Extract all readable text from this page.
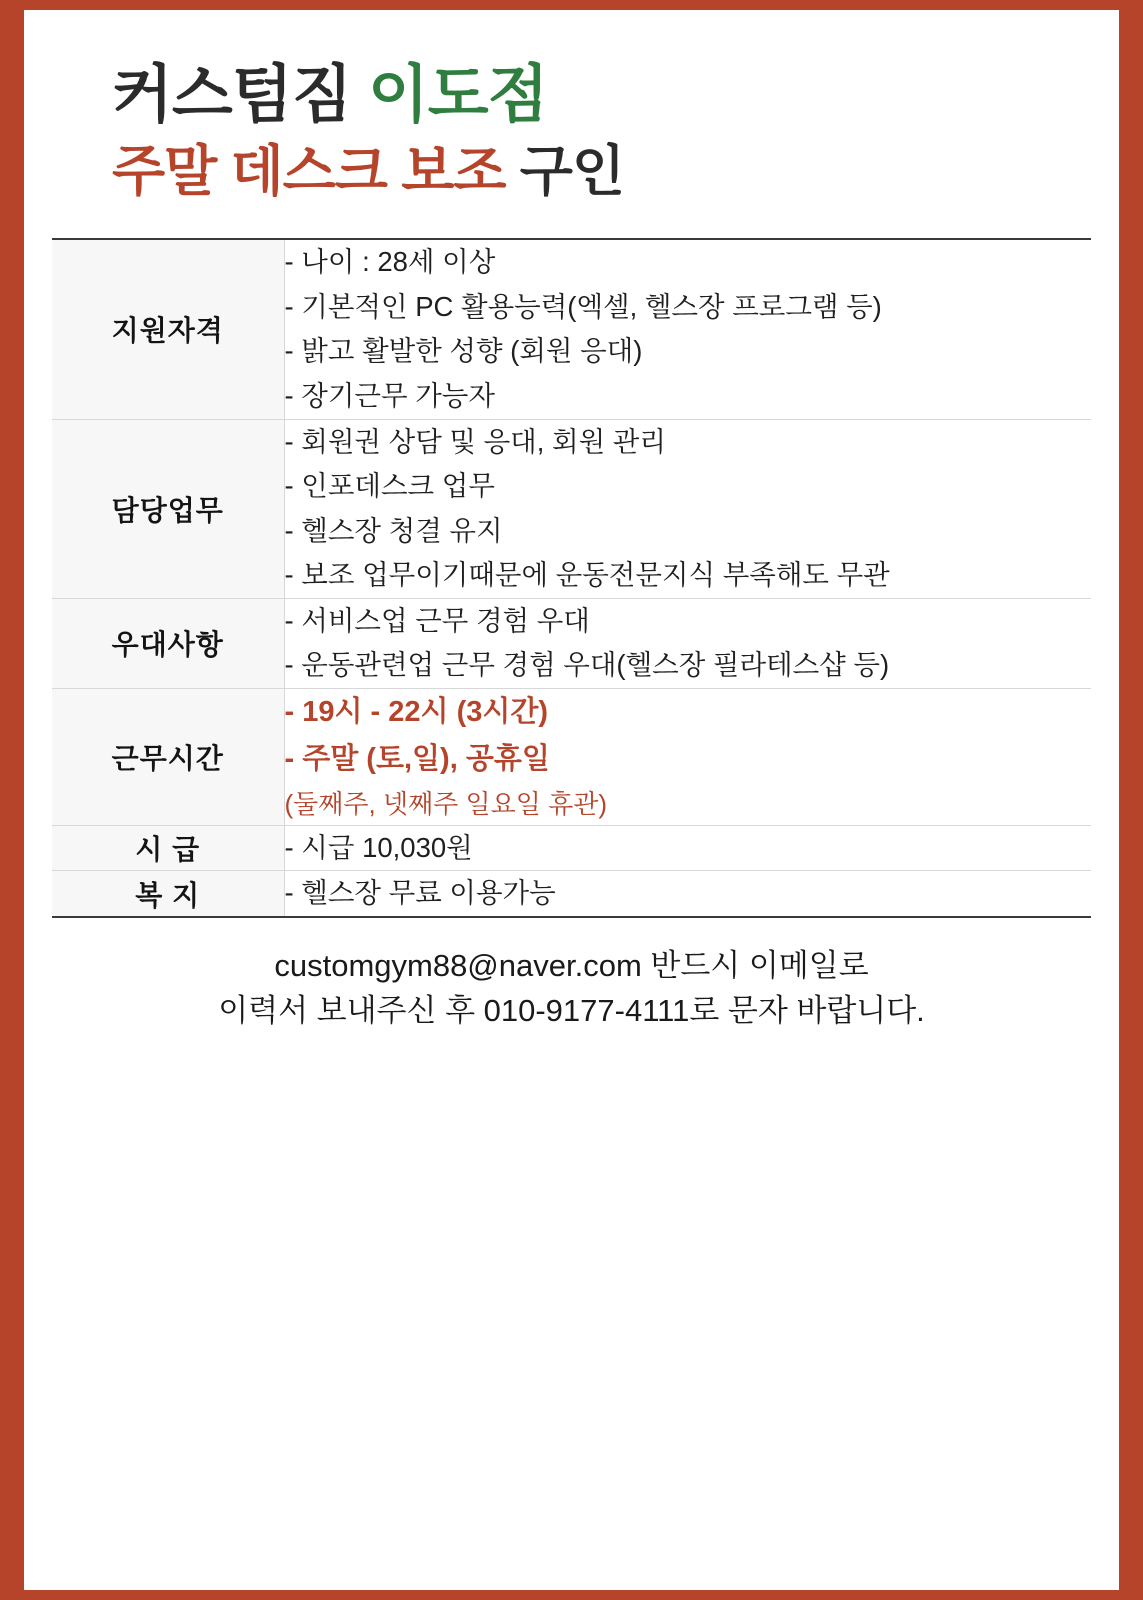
커스텀짐 이도점
주말 데스크 보조 구인
지원자격	- 나이 : 28세 이상
- 기본적인 PC 활용능력(엑셀, 헬스장 프로그램 등)
- 밝고 활발한 성향 (회원 응대)
- 장기근무 가능자

담당업무	- 회원권 상담 및 응대, 회원 관리
- 인포데스크 업무
- 헬스장 청결 유지
- 보조 업무이기때문에 운동전문지식 부족해도 무관

우대사항	- 서비스업 근무 경험 우대
- 운동관련업 근무 경험 우대(헬스장 필라테스샵 등)

근무시간	- 19시 - 22시 (3시간)
- 주말 (토,일), 공휴일
(둘째주, 넷째주 일요일 휴관)

시 급	- 시급 10,030원

복 지	- 헬스장 무료 이용가능
customgym88@naver.com 반드시 이메일로
이력서 보내주신 후 010-9177-4111로 문자 바랍니다.
